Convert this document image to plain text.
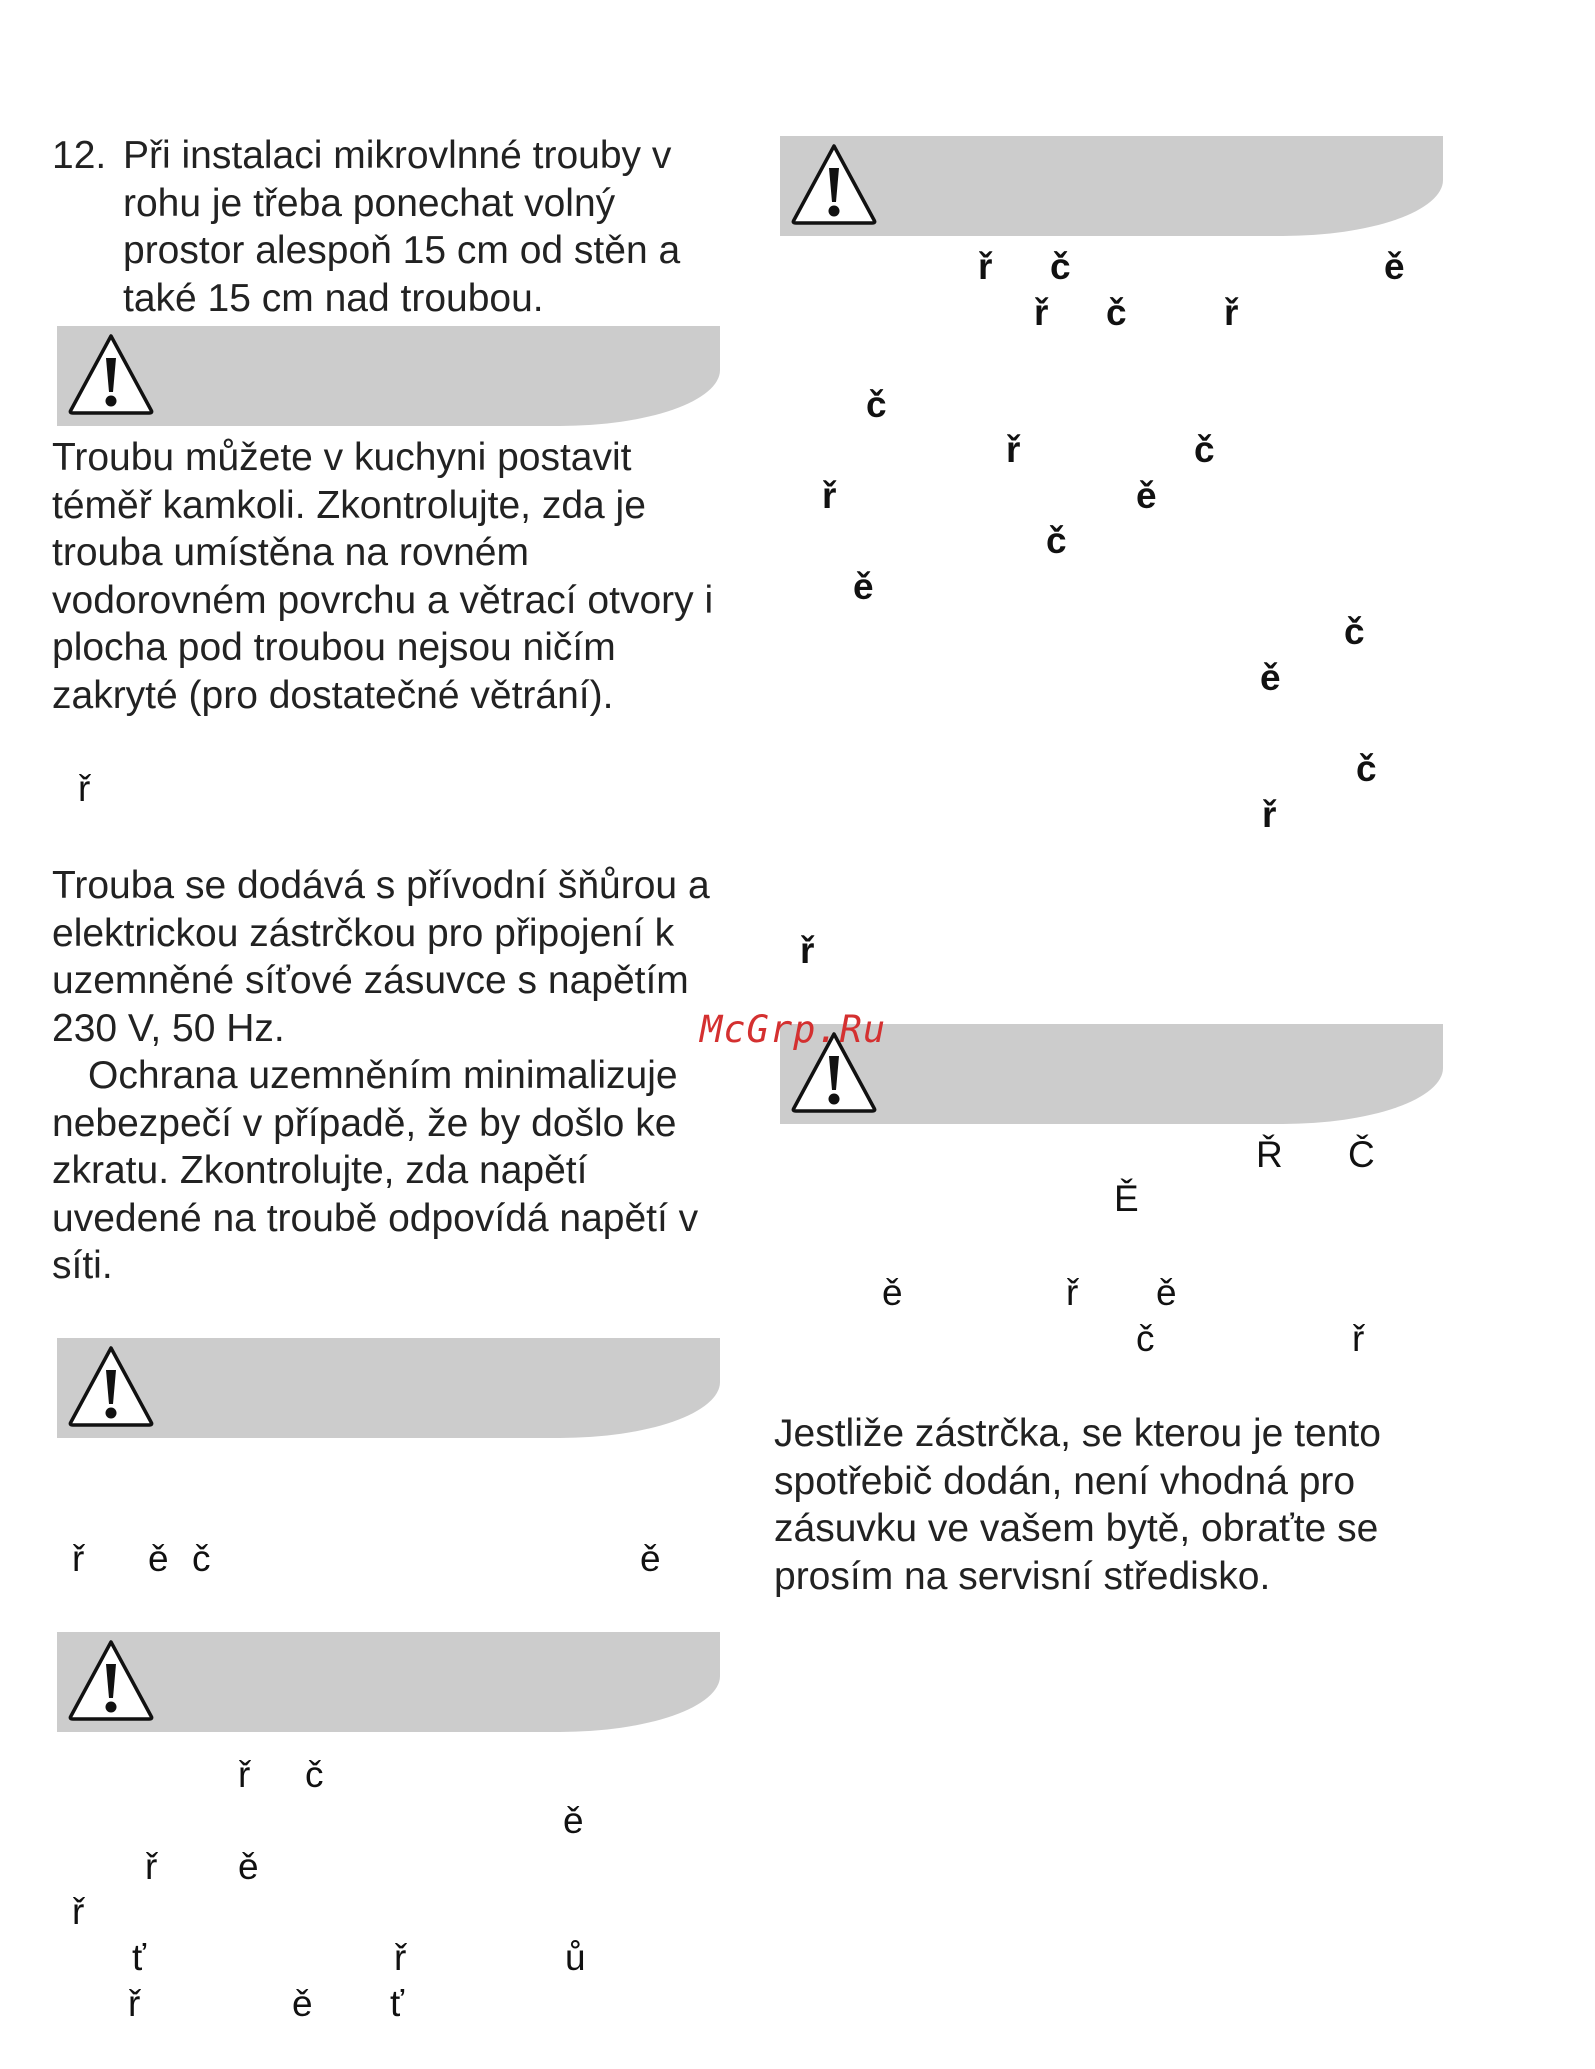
12. Při instalaci mikrovlnné trouby v
rohu je třeba ponechat volný
prostor alespoň 15 cm od stěn a
také 15 cm nad troubou.
Troubu můžete v kuchyni postavit
téměř kamkoli. Zkontrolujte, zda je
trouba umístěna na rovném
vodorovném povrchu a větrací otvory i
plocha pod troubou nejsou ničím
zakryté (pro dostatečné větrání).
ř
Trouba se dodává s přívodní šňůrou a
elektrickou zástrčkou pro připojení k
uzemněné síťové zásuvce s napětím
230 V, 50 Hz.
Ochrana uzemněním minimalizuje
nebezpečí v případě, že by došlo ke
zkratu. Zkontrolujte, zda napětí
uvedené na troubě odpovídá napětí v
síti.
ř ě č	ě
ř č
ě
ř ě
ř
ť	ř	ů
ř	ě ť
ř č	ě
ř č	ř
č
ř	č
ř	ě
č
ě
č
ě
č
ř
ř
McGrp.Ru
Ř Č
Ě
ě	ř ě
č	ř
Jestliže zástrčka, se kterou je tento
spotřebič dodán, není vhodná pro
zásuvku ve vašem bytě, obraťte se
prosím na servisní středisko.
